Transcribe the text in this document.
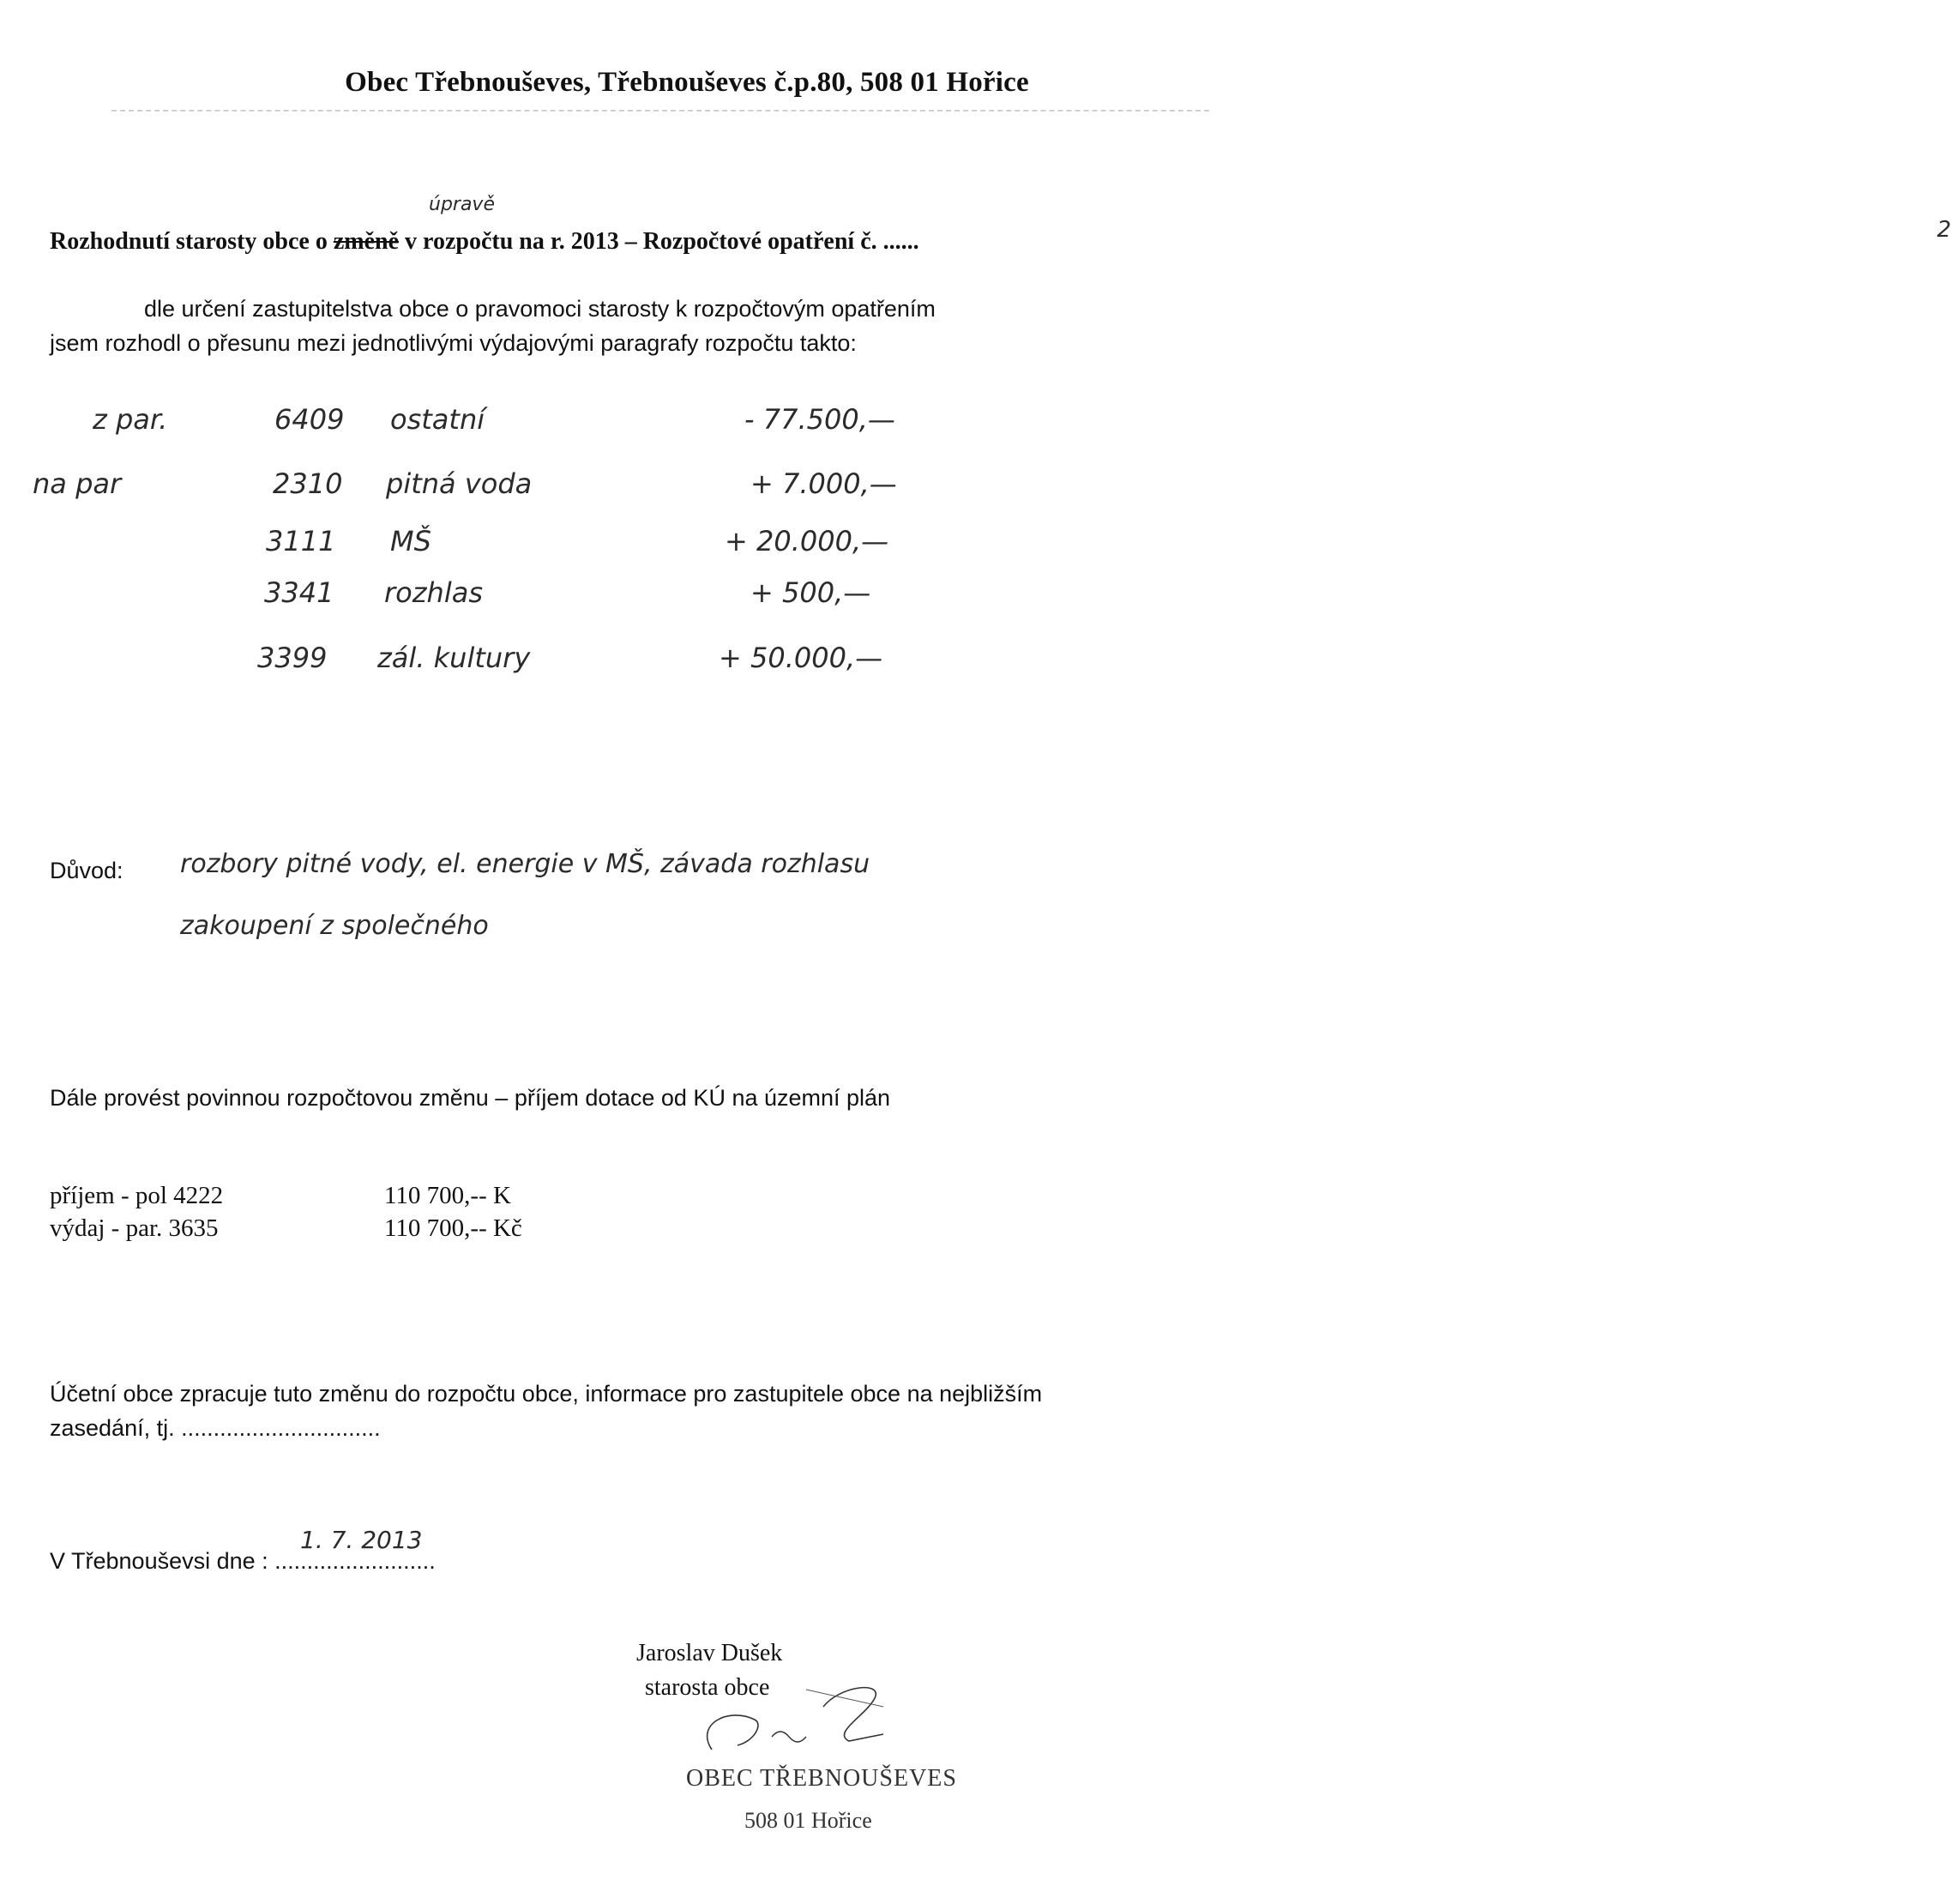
Obec Třebnouševes, Třebnouševes č.p.80, 508 01 Hořice
Rozhodnutí starosty obce o změně v rozpočtu na r. 2013 – Rozpočtové opatření č. ......
úpravě
2
dle určení zastupitelstva obce o pravomoci starosty k rozpočtovým opatřením
jsem rozhodl o přesunu mezi jednotlivými výdajovými paragrafy rozpočtu takto:
z par.	6409 ostatní	- 77.500,—
na par	2310 pitná voda	+ 7.000,—
3111 MŠ	+ 20.000,—
3341 rozhlas	+ 500,—
3399 zál. kultury	+ 50.000,—
Důvod: rozbory pitné vody, el. energie v MŠ, závada rozhlasu
zakoupení z společného
Dále provést povinnou rozpočtovou změnu – příjem dotace od KÚ na územní plán
příjem - pol 4222	110 700,-- K
výdaj - par. 3635	110 700,-- Kč
Účetní obce zpracuje tuto změnu do rozpočtu obce, informace pro zastupitele obce na nejbližším
zasedání, tj. ...............................
V Třebnouševsi dne : .........................
1. 7. 2013
Jaroslav Dušek
starosta obce
OBEC TŘEBNOUŠEVES
508 01 Hořice
